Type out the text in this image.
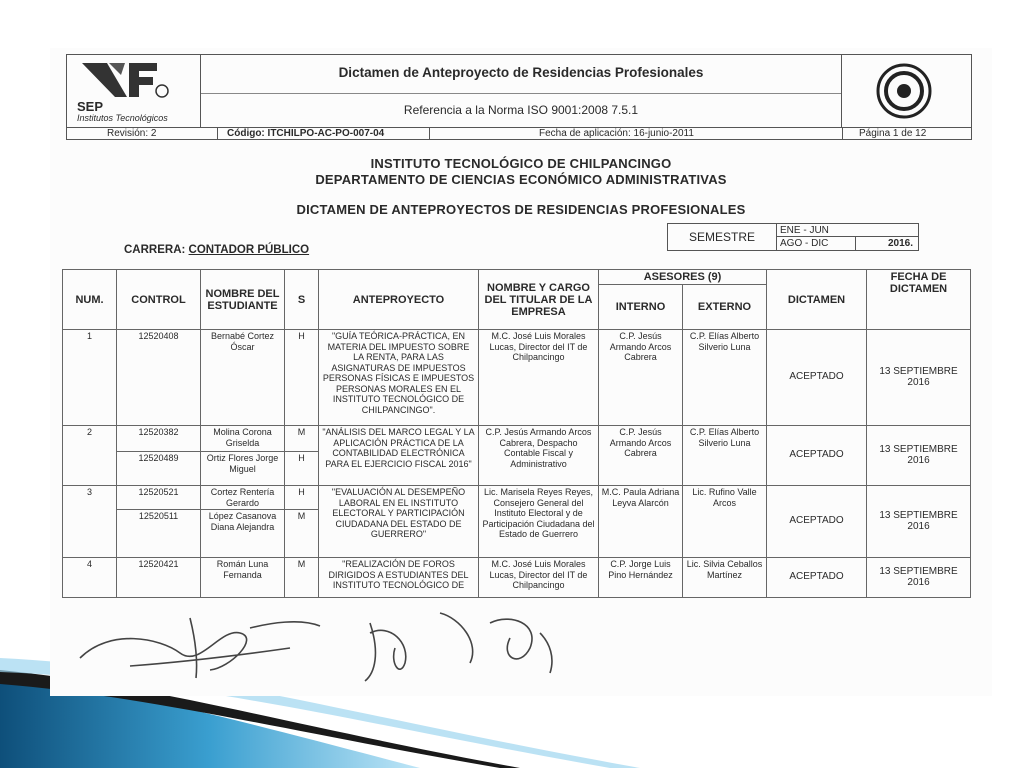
SEP
Institutos Tecnológicos
Dictamen de Anteproyecto de Residencias Profesionales
Referencia a la Norma ISO 9001:2008 7.5.1
Revisión: 2	Código: ITCHILPO-AC-PO-007-04	Fecha de aplicación: 16-junio-2011	Página 1 de 12
INSTITUTO TECNOLÓGICO DE CHILPANCINGO
DEPARTAMENTO DE CIENCIAS ECONÓMICO ADMINISTRATIVAS
DICTAMEN DE ANTEPROYECTOS DE RESIDENCIAS PROFESIONALES
CARRERA: CONTADOR PÚBLICO
SEMESTRE	ENE - JUN
AGO - DIC	2016.
NUM.	CONTROL	NOMBRE DEL ESTUDIANTE	S	ANTEPROYECTO	NOMBRE Y CARGO DEL TITULAR DE LA EMPRESA	ASESORES (9)		DICTAMEN	FECHA DE DICTAMEN
						INTERNO	EXTERNO		
1	12520408	Bernabé Cortez Óscar	H	"GUÍA TEÓRICA-PRÁCTICA, EN MATERIA DEL IMPUESTO SOBRE LA RENTA, PARA LAS ASIGNATURAS DE IMPUESTOS PERSONAS FÍSICAS E IMPUESTOS PERSONAS MORALES EN EL INSTITUTO TECNOLÓGICO DE CHILPANCINGO".	M.C. José Luis Morales Lucas, Director del IT de Chilpancingo	C.P. Jesús Armando Arcos Cabrera	C.P. Elías Alberto Silverio Luna	ACEPTADO	13 SEPTIEMBRE 2016
2	12520382	Molina Corona Griselda	M	"ANÁLISIS DEL MARCO LEGAL Y LA APLICACIÓN PRÁCTICA DE LA CONTABILIDAD ELECTRÓNICA PARA EL EJERCICIO FISCAL 2016"	C.P. Jesús Armando Arcos Cabrera, Despacho Contable Fiscal y Administrativo	C.P. Jesús Armando Arcos Cabrera	C.P. Elías Alberto Silverio Luna	ACEPTADO	13 SEPTIEMBRE 2016
	12520489	Ortiz Flores Jorge Miguel	H						
3	12520521	Cortez Rentería Gerardo	H	"EVALUACIÓN AL DESEMPEÑO LABORAL EN EL INSTITUTO ELECTORAL Y PARTICIPACIÓN CIUDADANA DEL ESTADO DE GUERRERO"	Lic. Marisela Reyes Reyes, Consejero General del Instituto Electoral y de Participación Ciudadana del Estado de Guerrero	M.C. Paula Adriana Leyva Alarcón	Lic. Rufino Valle Arcos	ACEPTADO	13 SEPTIEMBRE 2016
	12520511	López Casanova Diana Alejandra	M						
4	12520421	Román Luna Fernanda	M	"REALIZACIÓN DE FOROS DIRIGIDOS A ESTUDIANTES DEL INSTITUTO TECNOLÓGICO DE	M.C. José Luis Morales Lucas, Director del IT de Chilpancingo	C.P. Jorge Luis Pino Hernández	Lic. Silvia Ceballos Martínez	ACEPTADO	13 SEPTIEMBRE 2016
